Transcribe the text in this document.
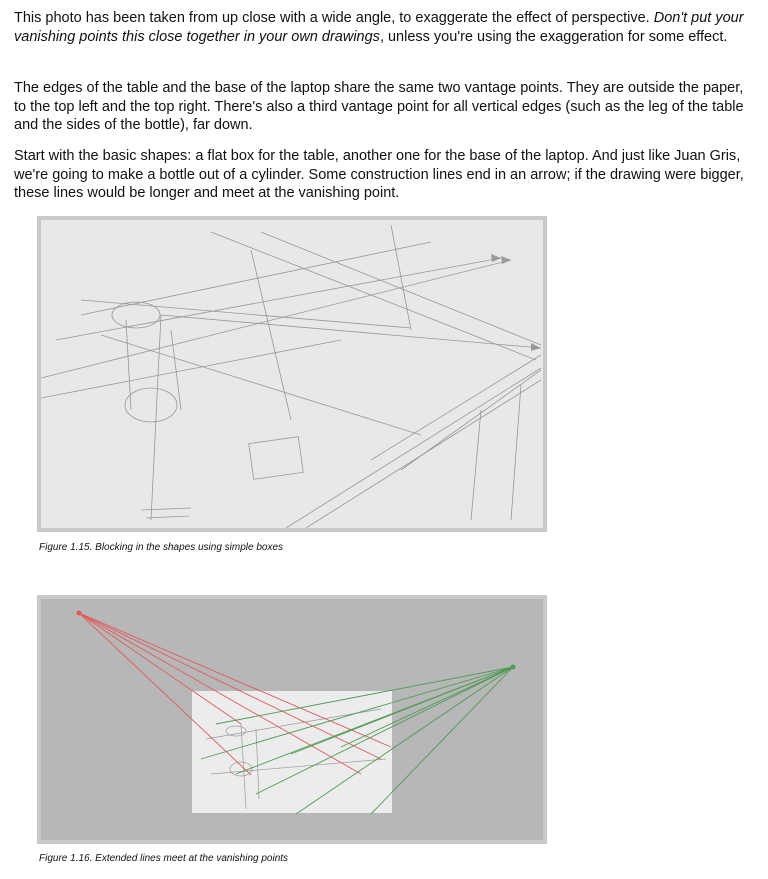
This photo has been taken from up close with a wide angle, to exaggerate the effect of perspective. Don't put your vanishing points this close together in your own drawings, unless you're using the exaggeration for some effect.

The edges of the table and the base of the laptop share the same two vantage points. They are outside the paper, to the top left and the top right. There's also a third vantage point for all vertical edges (such as the leg of the table and the sides of the bottle), far down.

Start with the basic shapes: a flat box for the table, another one for the base of the laptop. And just like Juan Gris, we're going to make a bottle out of a cylinder. Some construction lines end in an arrow; if the drawing were bigger, these lines would be longer and meet at the vanishing point.

Figure 1.15. Blocking in the shapes using simple boxes
Figure 1.16. Extended lines meet at the vanishing points
